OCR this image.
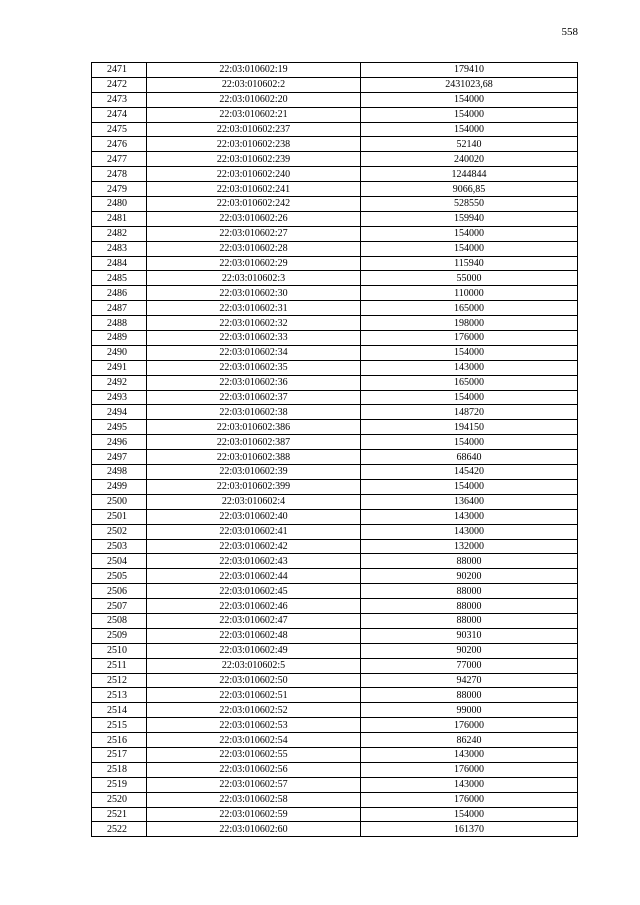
558
2471	22:03:010602:19	179410
2472	22:03:010602:2	2431023,68
2473	22:03:010602:20	154000
2474	22:03:010602:21	154000
2475	22:03:010602:237	154000
2476	22:03:010602:238	52140
2477	22:03:010602:239	240020
2478	22:03:010602:240	1244844
2479	22:03:010602:241	9066,85
2480	22:03:010602:242	528550
2481	22:03:010602:26	159940
2482	22:03:010602:27	154000
2483	22:03:010602:28	154000
2484	22:03:010602:29	115940
2485	22:03:010602:3	55000
2486	22:03:010602:30	110000
2487	22:03:010602:31	165000
2488	22:03:010602:32	198000
2489	22:03:010602:33	176000
2490	22:03:010602:34	154000
2491	22:03:010602:35	143000
2492	22:03:010602:36	165000
2493	22:03:010602:37	154000
2494	22:03:010602:38	148720
2495	22:03:010602:386	194150
2496	22:03:010602:387	154000
2497	22:03:010602:388	68640
2498	22:03:010602:39	145420
2499	22:03:010602:399	154000
2500	22:03:010602:4	136400
2501	22:03:010602:40	143000
2502	22:03:010602:41	143000
2503	22:03:010602:42	132000
2504	22:03:010602:43	88000
2505	22:03:010602:44	90200
2506	22:03:010602:45	88000
2507	22:03:010602:46	88000
2508	22:03:010602:47	88000
2509	22:03:010602:48	90310
2510	22:03:010602:49	90200
2511	22:03:010602:5	77000
2512	22:03:010602:50	94270
2513	22:03:010602:51	88000
2514	22:03:010602:52	99000
2515	22:03:010602:53	176000
2516	22:03:010602:54	86240
2517	22:03:010602:55	143000
2518	22:03:010602:56	176000
2519	22:03:010602:57	143000
2520	22:03:010602:58	176000
2521	22:03:010602:59	154000
2522	22:03:010602:60	161370
